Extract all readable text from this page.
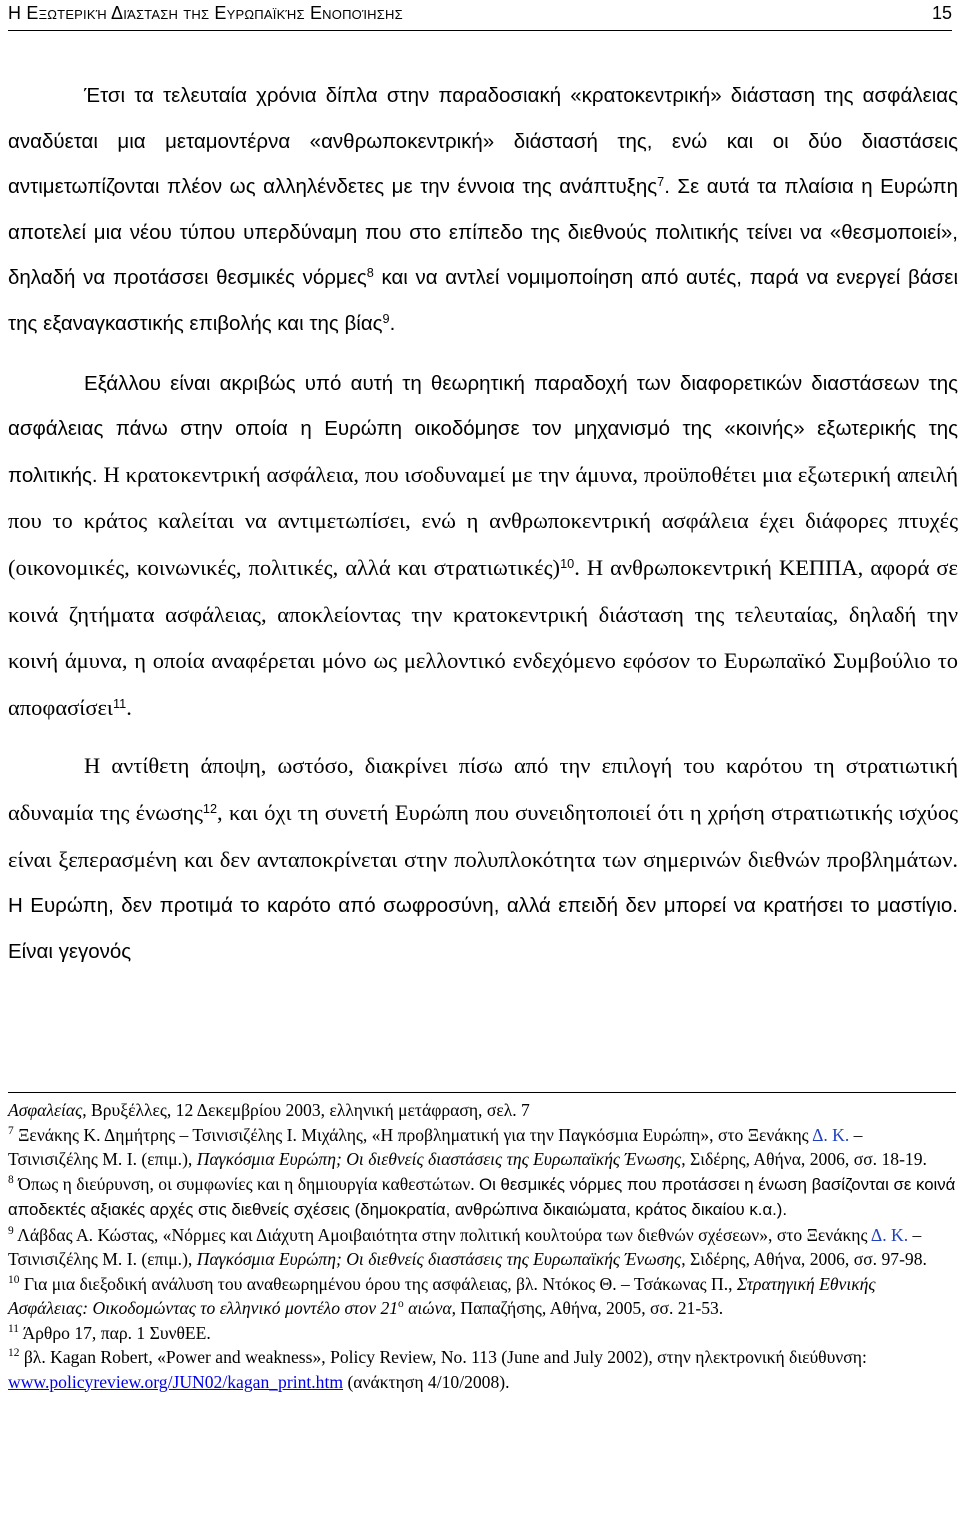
Η Εξωτερική Διάσταση της Ευρωπαϊκής Ενοποίησης	15

Έτσι τα τελευταία χρόνια δίπλα στην παραδοσιακή «κρατοκεντρική» διάσταση της ασφάλειας αναδύεται μια μεταμοντέρνα «ανθρωποκεντρική» διάστασή της, ενώ και οι δύο διαστάσεις αντιμετωπίζονται πλέον ως αλληλένδετες με την έννοια της ανάπτυξης$^7$. Σε αυτά τα πλαίσια η Ευρώπη αποτελεί μια νέου τύπου υπερδύναμη που στο επίπεδο της διεθνούς πολιτικής τείνει να «θεσμοποιεί», δηλαδή να προτάσσει θεσμικές νόρμες$^8$ και να αντλεί νομιμοποίηση από αυτές, παρά να ενεργεί βάσει της εξαναγκαστικής επιβολής και της βίας$^9$.

Εξάλλου είναι ακριβώς υπό αυτή τη θεωρητική παραδοχή των διαφορετικών διαστάσεων της ασφάλειας πάνω στην οποία η Ευρώπη οικοδόμησε τον μηχανισμό της «κοινής» εξωτερικής της πολιτικής. Η κρατοκεντρική ασφάλεια, που ισοδυναμεί με την άμυνα, προϋποθέτει μια εξωτερική απειλή που το κράτος καλείται να αντιμετωπίσει, ενώ η ανθρωποκεντρική ασφάλεια έχει διάφορες πτυχές (οικονομικές, κοινωνικές, πολιτικές, αλλά και στρατιωτικές)$^{10}$. Η ανθρωποκεντρική ΚΕΠΠΑ, αφορά σε κοινά ζητήματα ασφάλειας, αποκλείοντας την κρατοκεντρική διάσταση της τελευταίας, δηλαδή την κοινή άμυνα, η οποία αναφέρεται μόνο ως μελλοντικό ενδεχόμενο εφόσον το Ευρωπαϊκό Συμβούλιο το αποφασίσει$^{11}$.

Η αντίθετη άποψη, ωστόσο, διακρίνει πίσω από την επιλογή του καρότου τη στρατιωτική αδυναμία της ένωσης$^{12}$, και όχι τη συνετή Ευρώπη που συνειδητοποιεί ότι η χρήση στρατιωτικής ισχύος είναι ξεπερασμένη και δεν ανταποκρίνεται στην πολυπλοκότητα των σημερινών διεθνών προβλημάτων. Η Ευρώπη, δεν προτιμά το καρότο από σωφροσύνη, αλλά επειδή δεν μπορεί να κρατήσει το μαστίγιο. Είναι γεγονός

Ασφαλείας, Βρυξέλλες, 12 Δεκεμβρίου 2003, ελληνική μετάφραση, σελ. 7

$^7$ Ξενάκης Κ. Δημήτρης – Τσινισιζέλης Ι. Μιχάλης, «Η προβληματική για την Παγκόσμια Ευρώπη», στο Ξενάκης Δ. Κ. – Τσινισιζέλης Μ. Ι. (επιμ.), Παγκόσμια Ευρώπη; Οι διεθνείς διαστάσεις της Ευρωπαϊκής Ένωσης, Σιδέρης, Αθήνα, 2006, σσ. 18-19.

$^8$ Όπως η διεύρυνση, οι συμφωνίες και η δημιουργία καθεστώτων. Οι θεσμικές νόρμες που προτάσσει η ένωση βασίζονται σε κοινά αποδεκτές αξιακές αρχές στις διεθνείς σχέσεις (δημοκρατία, ανθρώπινα δικαιώματα, κράτος δικαίου κ.α.).

$^9$ Λάβδας Α. Κώστας, «Νόρμες και Διάχυτη Αμοιβαιότητα στην πολιτική κουλτούρα των διεθνών σχέσεων», στο Ξενάκης Δ. Κ. – Τσινισιζέλης Μ. Ι. (επιμ.), Παγκόσμια Ευρώπη; Οι διεθνείς διαστάσεις της Ευρωπαϊκής Ένωσης, Σιδέρης, Αθήνα, 2006, σσ. 97-98.

$^{10}$ Για μια διεξοδική ανάλυση του αναθεωρημένου όρου της ασφάλειας, βλ. Ντόκος Θ. – Τσάκωνας Π., Στρατηγική Εθνικής Ασφάλειας: Οικοδομώντας το ελληνικό μοντέλο στον $21^o$ αιώνα, Παπαζήσης, Αθήνα, 2005, σσ. 21-53.

$^{11}$ Άρθρο 17, παρ. 1 ΣυνθΕΕ.

$^{12}$ βλ. Kagan Robert, «Power and weakness», Policy Review, No. 113 (June and July 2002), στην ηλεκτρονική διεύθυνση: www.policyreview.org/JUN02/kagan_print.htm (ανάκτηση 4/10/2008).
